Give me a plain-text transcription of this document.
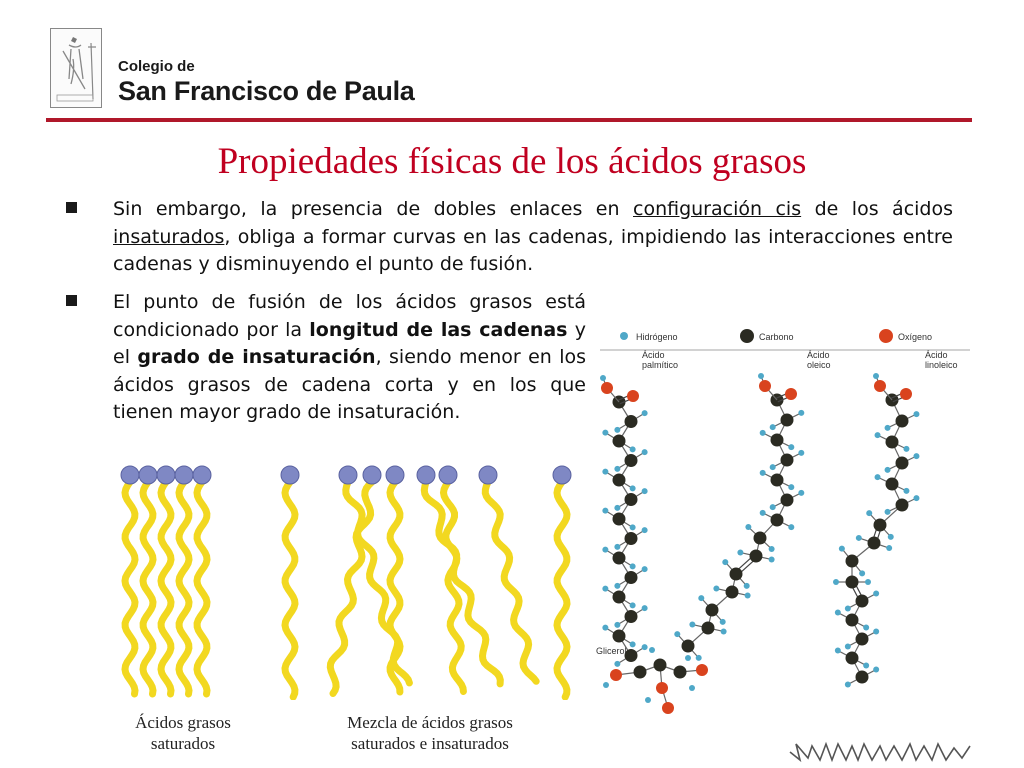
Colegio de
San Francisco de Paula
Propiedades físicas de los ácidos grasos

Sin embargo, la presencia de dobles enlaces en configuración cis de los ácidos insaturados, obliga a formar curvas en las cadenas, impidiendo las interacciones entre cadenas y disminuyendo el punto de fusión.

El punto de fusión de los ácidos grasos está condicionado por la longitud de las cadenas y el grado de insaturación, siendo menor en los ácidos grasos de cadena corta y en los que tienen mayor grado de insaturación.

Ácidos grasos saturados
Mezcla de ácidos grasos saturados e insaturados
Hidrógeno	Carbono	Oxígeno
Ácido palmítico
Ácido oleico
Ácido linoleico
Glicerol
